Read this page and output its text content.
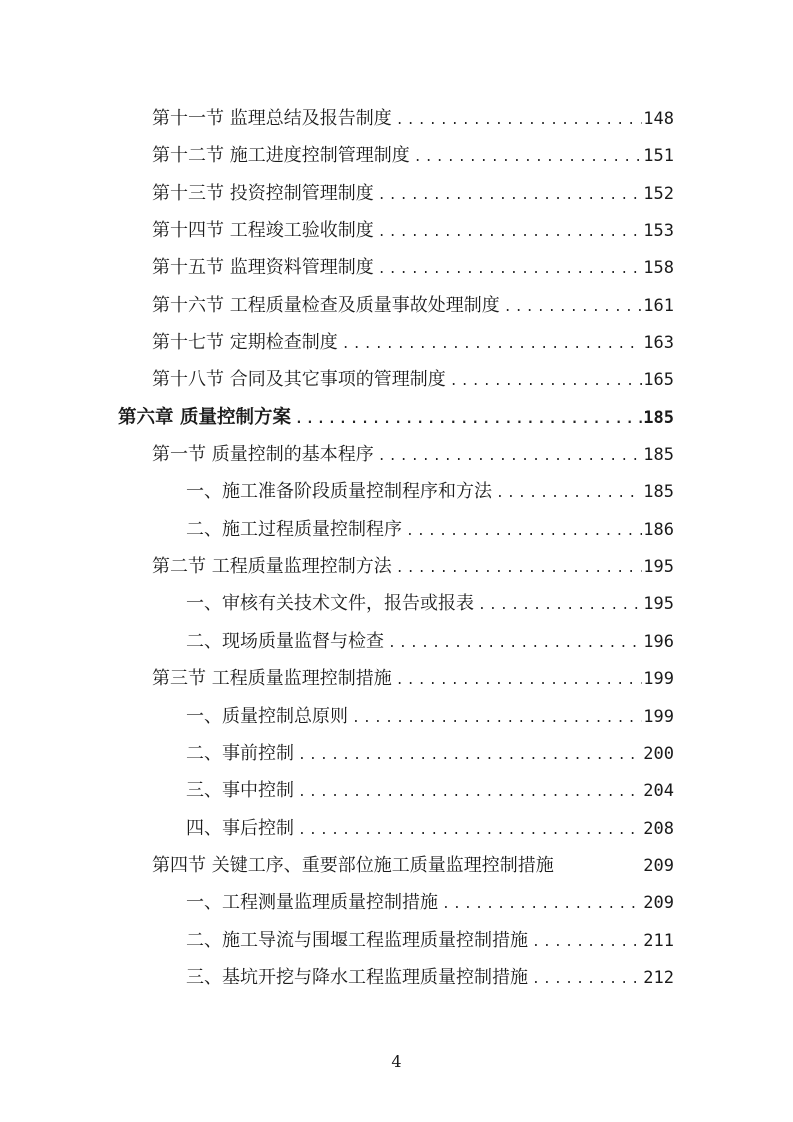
第十一节 监理总结及报告制度 .....	148
第十二节 施工进度控制管理制度 .....	151
第十三节 投资控制管理制度 .....	152
第十四节 工程竣工验收制度 .....	153
第十五节 监理资料管理制度 .....	158
第十六节 工程质量检查及质量事故处理制度 .....	161
第十七节 定期检查制度 .....	163
第十八节 合同及其它事项的管理制度 .....	165
第六章 质量控制方案 .....	185
第一节 质量控制的基本程序 .....	185
一、施工准备阶段质量控制程序和方法 .....	185
二、施工过程质量控制程序 .....	186
第二节 工程质量监理控制方法 .....	195
一、审核有关技术文件，报告或报表 .....	195
二、现场质量监督与检查 .....	196
第三节 工程质量监理控制措施 .....	199
一、质量控制总原则 .....	199
二、事前控制 .....	200
三、事中控制 .....	204
四、事后控制 .....	208
第四节 关键工序、重要部位施工质量监理控制措施	209
一、工程测量监理质量控制措施 .....	209
二、施工导流与围堰工程监理质量控制措施 .....	211
三、基坑开挖与降水工程监理质量控制措施 .....	212
4
